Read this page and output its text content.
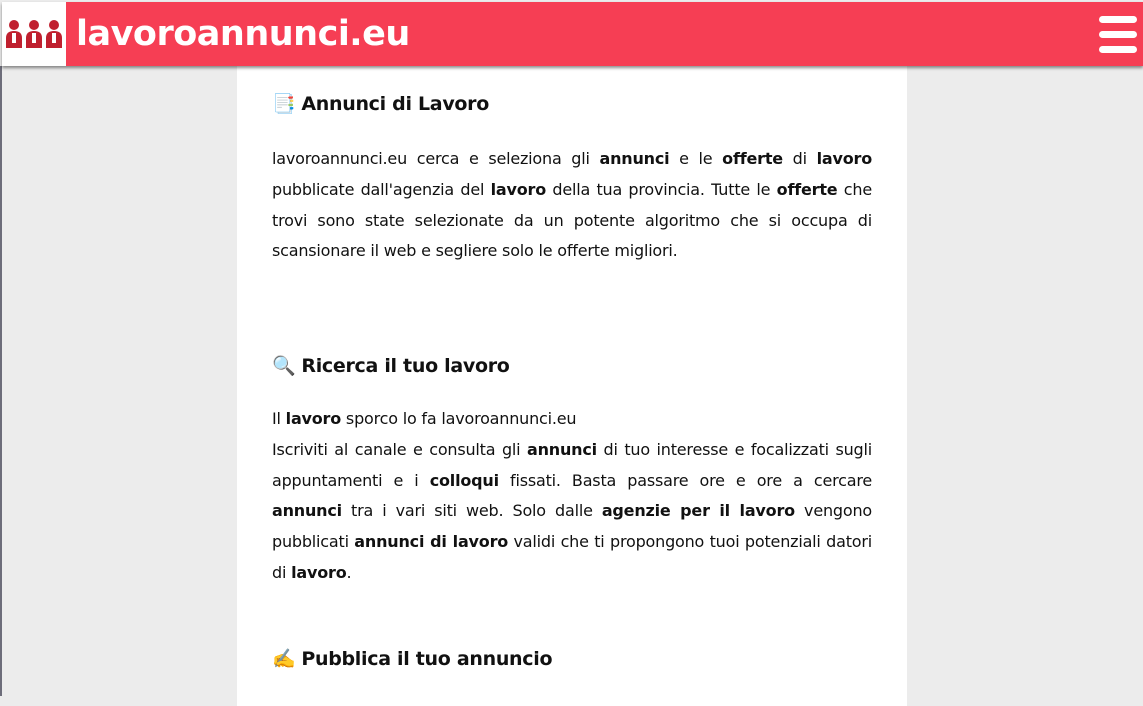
lavoroannunci.eu
📑 Annunci di Lavoro

lavoroannunci.eu cerca e seleziona gli annunci e le offerte di lavoro pubblicate dall'agenzia del lavoro della tua provincia. Tutte le offerte che trovi sono state selezionate da un potente algoritmo che si occupa di scansionare il web e segliere solo le offerte migliori.

🔍 Ricerca il tuo lavoro

Il lavoro sporco lo fa lavoroannunci.eu
Iscriviti al canale e consulta gli annunci di tuo interesse e focalizzati sugli appuntamenti e i colloqui fissati. Basta passare ore e ore a cercare annunci tra i vari siti web. Solo dalle agenzie per il lavoro vengono pubblicati annunci di lavoro validi che ti propongono tuoi potenziali datori di lavoro.

✍️ Pubblica il tuo annuncio
